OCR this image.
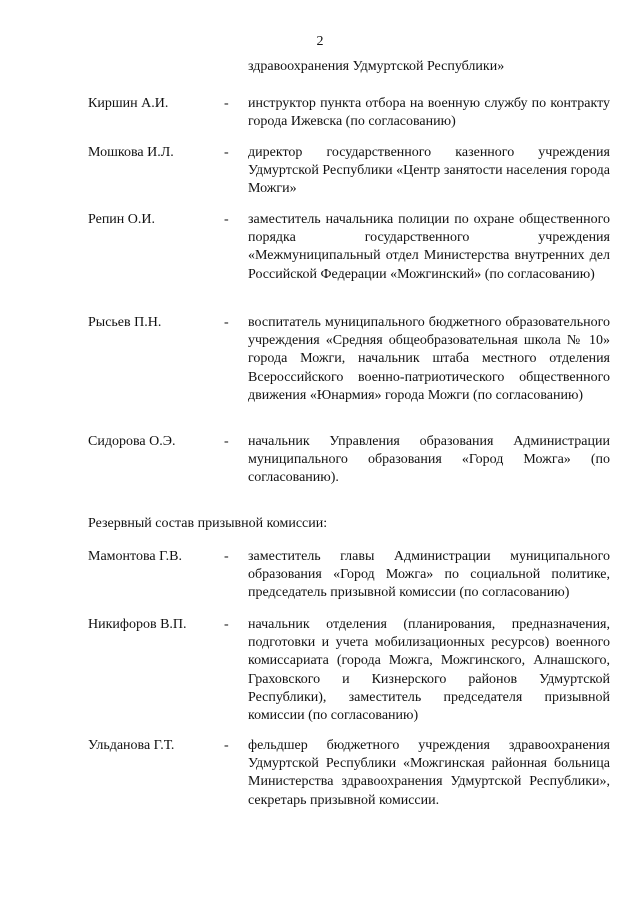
2
здравоохранения Удмуртской Республики»
Киршин А.И.	-	инструктор пункта отбора на военную службу по контракту города Ижевска (по согласованию)
Мошкова И.Л.	-	директор государственного казенного учреждения Удмуртской Республики «Центр занятости населения города Можги»
Репин О.И.	-	заместитель начальника полиции по охране общественного порядка государственного учреждения «Межмуниципальный отдел Министерства внутренних дел Российской Федерации «Можгинский» (по согласованию)
Рысьев П.Н.	-	воспитатель муниципального бюджетного образовательного учреждения «Средняя общеобразовательная школа № 10» города Можги, начальник штаба местного отделения Всероссийского военно-патриотического общественного движения «Юнармия» города Можги (по согласованию)
Сидорова О.Э.	-	начальник Управления образования Администрации муниципального образования «Город Можга» (по согласованию).
Резервный состав призывной комиссии:
Мамонтова Г.В.	-	заместитель главы Администрации муниципального образования «Город Можга» по социальной политике, председатель призывной комиссии (по согласованию)
Никифоров В.П.	-	начальник отделения (планирования, предназначения, подготовки и учета мобилизационных ресурсов) военного комиссариата (города Можга, Можгинского, Алнашского, Граховского и Кизнерского районов Удмуртской Республики), заместитель председателя призывной комиссии (по согласованию)
Ульданова Г.Т.	-	фельдшер бюджетного учреждения здравоохранения Удмуртской Республики «Можгинская районная больница Министерства здравоохранения Удмуртской Республики», секретарь призывной комиссии.
